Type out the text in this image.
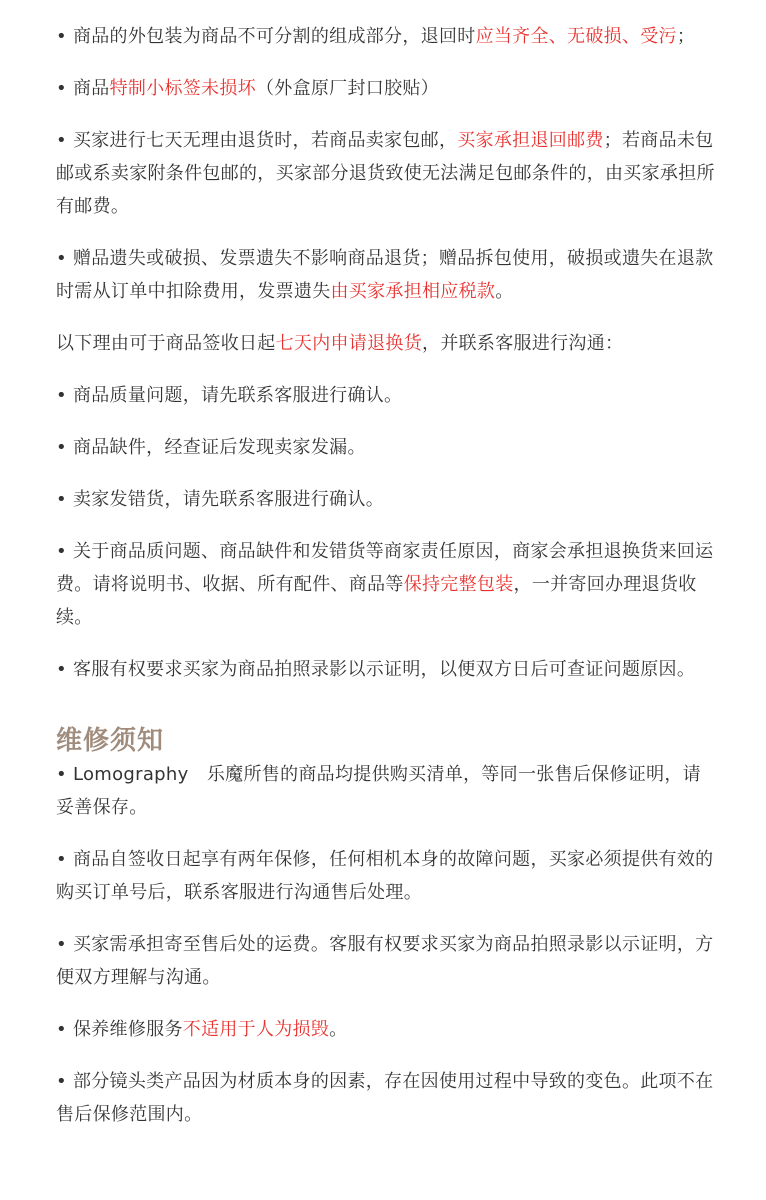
• 商品的外包装为商品不可分割的组成部分，退回时应当齐全、无破损、受污；

• 商品特制小标签未损坏（外盒原厂封口胶贴）

• 买家进行七天无理由退货时，若商品卖家包邮，买家承担退回邮费；若商品未包邮或系卖家附条件包邮的，买家部分退货致使无法满足包邮条件的，由买家承担所有邮费。

• 赠品遗失或破损、发票遗失不影响商品退货；赠品拆包使用，破损或遗失在退款时需从订单中扣除费用，发票遗失由买家承担相应税款。

以下理由可于商品签收日起七天内申请退换货，并联系客服进行沟通：

• 商品质量问题，请先联系客服进行确认。

• 商品缺件，经查证后发现卖家发漏。

• 卖家发错货，请先联系客服进行确认。

• 关于商品质问题、商品缺件和发错货等商家责任原因，商家会承担退换货来回运费。请将说明书、收据、所有配件、商品等保持完整包装，一并寄回办理退货收续。

• 客服有权要求买家为商品拍照录影以示证明，以便双方日后可查证问题原因。

维修须知

• Lomography　乐魔所售的商品均提供购买清单，等同一张售后保修证明，请妥善保存。

• 商品自签收日起享有两年保修，任何相机本身的故障问题，买家必须提供有效的购买订单号后，联系客服进行沟通售后处理。

• 买家需承担寄至售后处的运费。客服有权要求买家为商品拍照录影以示证明，方便双方理解与沟通。

• 保养维修服务不适用于人为损毁。

• 部分镜头类产品因为材质本身的因素，存在因使用过程中导致的变色。此项不在售后保修范围内。
